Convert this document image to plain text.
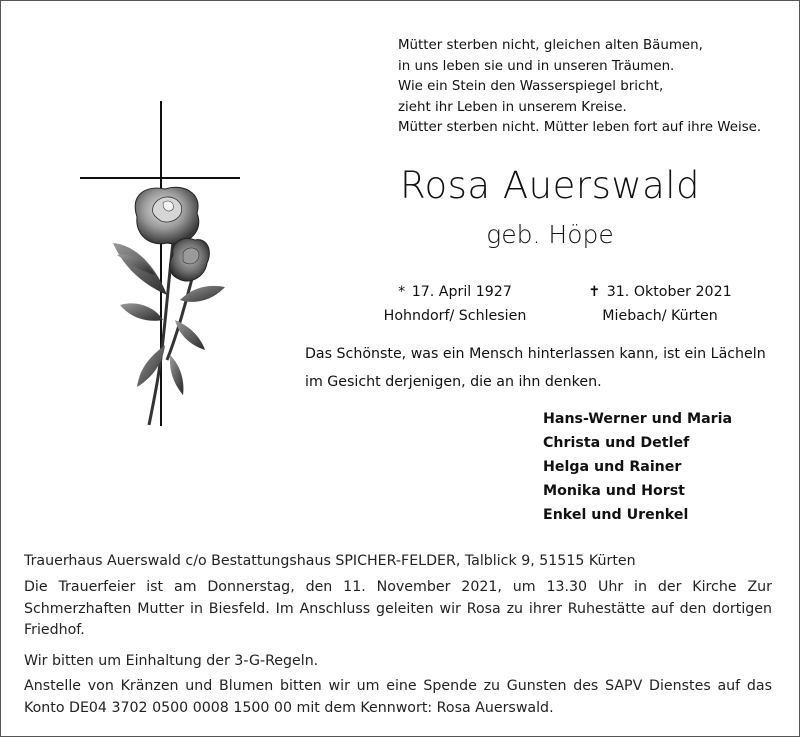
Mütter sterben nicht, gleichen alten Bäumen,
in uns leben sie und in unseren Träumen.
Wie ein Stein den Wasserspiegel bricht,
zieht ihr Leben in unserem Kreise.
Mütter sterben nicht. Mütter leben fort auf ihre Weise.
Rosa Auerswald
geb. Höpe
* 17. April 1927
Hohndorf/ Schlesien
✝ 31. Oktober 2021
Miebach/ Kürten
Das Schönste, was ein Mensch hinterlassen kann, ist ein Lächeln
im Gesicht derjenigen, die an ihn denken.
Hans-Werner und Maria
Christa und Detlef
Helga und Rainer
Monika und Horst
Enkel und Urenkel
Trauerhaus Auerswald c/o Bestattungshaus SPICHER-FELDER, Talblick 9, 51515 Kürten
Die Trauerfeier ist am Donnerstag, den 11. November 2021, um 13.30 Uhr in der Kirche Zur Schmerzhaften Mutter in Biesfeld. Im Anschluss geleiten wir Rosa zu ihrer Ruhestätte auf den dortigen Friedhof.
Wir bitten um Einhaltung der 3-G-Regeln.
Anstelle von Kränzen und Blumen bitten wir um eine Spende zu Gunsten des SAPV Dienstes auf das Konto DE04 3702 0500 0008 1500 00 mit dem Kennwort: Rosa Auerswald.
